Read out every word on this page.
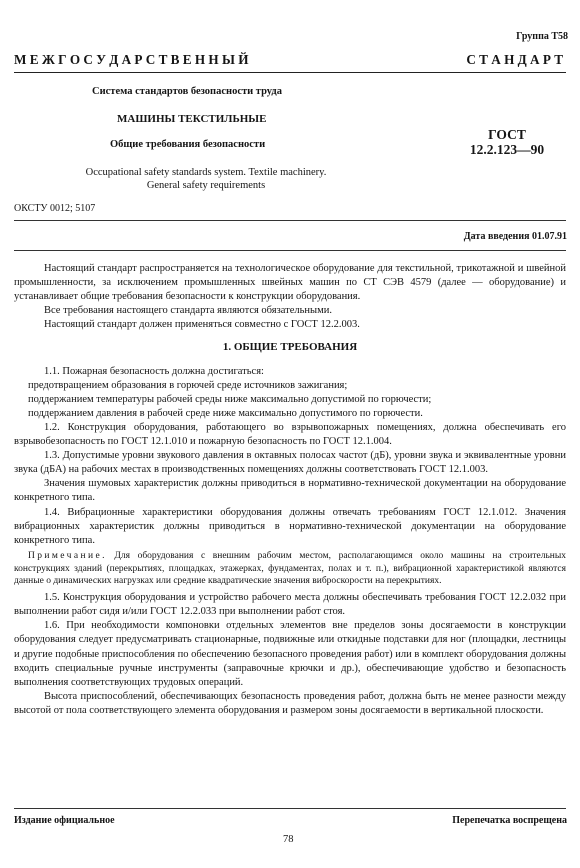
Группа Т58
М Е Ж Г О С У Д А Р С Т В Е Н Н Ы Й	С Т А Н Д А Р Т
Система стандартов безопасности труда
МАШИНЫ ТЕКСТИЛЬНЫЕ
Общие требования безопасности
ГОСТ
12.2.123—90
Occupational safety standards system. Textile machinery.
General safety requirements
ОКСТУ 0012; 5107
Дата введения 01.07.91

Настоящий стандарт распространяется на технологическое оборудование для текстильной, трикотажной и швейной промышленности, за исключением промышленных швейных машин по СТ СЭВ 4579 (далее — оборудование) и устанавливает общие требования безопасности к конструкции оборудования.

Все требования настоящего стандарта являются обязательными.

Настоящий стандарт должен применяться совместно с ГОСТ 12.2.003.

1. ОБЩИЕ ТРЕБОВАНИЯ

1.1. Пожарная безопасность должна достигаться:

предотвращением образования в горючей среде источников зажигания;

поддержанием температуры рабочей среды ниже максимально допустимой по горючести;

поддержанием давления в рабочей среде ниже максимально допустимого по горючести.

1.2. Конструкция оборудования, работающего во взрывопожарных помещениях, должна обеспечивать его взрывобезопасность по ГОСТ 12.1.010 и пожарную безопасность по ГОСТ 12.1.004.

1.3. Допустимые уровни звукового давления в октавных полосах частот (дБ), уровни звука и эквивалентные уровни звука (дБА) на рабочих местах в производственных помещениях должны соответствовать ГОСТ 12.1.003.

Значения шумовых характеристик должны приводиться в нормативно-технической документации на оборудование конкретного типа.

1.4. Вибрационные характеристики оборудования должны отвечать требованиям ГОСТ 12.1.012. Значения вибрационных характеристик должны приводиться в нормативно-технической документации на оборудование конкретного типа.

Примечание. Для оборудования с внешним рабочим местом, располагающимся около машины на строительных конструкциях зданий (перекрытиях, площадках, этажерках, фундаментах, полах и т. п.), вибрационной характеристикой являются данные о динамических нагрузках или средние квадратические значения виброскорости на перекрытиях.

1.5. Конструкция оборудования и устройство рабочего места должны обеспечивать требования ГОСТ 12.2.032 при выполнении работ сидя и/или ГОСТ 12.2.033 при выполнении работ стоя.

1.6. При необходимости компоновки отдельных элементов вне пределов зоны досягаемости в конструкции оборудования следует предусматривать стационарные, подвижные или откидные подставки для ног (площадки, лестницы и другие подобные приспособления по обеспечению безопасного проведения работ) или в комплект оборудования должны входить специальные ручные инструменты (заправочные крючки и др.), обеспечивающие удобство и безопасность выполнения соответствующих трудовых операций.

Высота приспособлений, обеспечивающих безопасность проведения работ, должна быть не менее разности между высотой от пола соответствующего элемента оборудования и размером зоны досягаемости в вертикальной плоскости.

Издание официальное	Перепечатка воспрещена
78
